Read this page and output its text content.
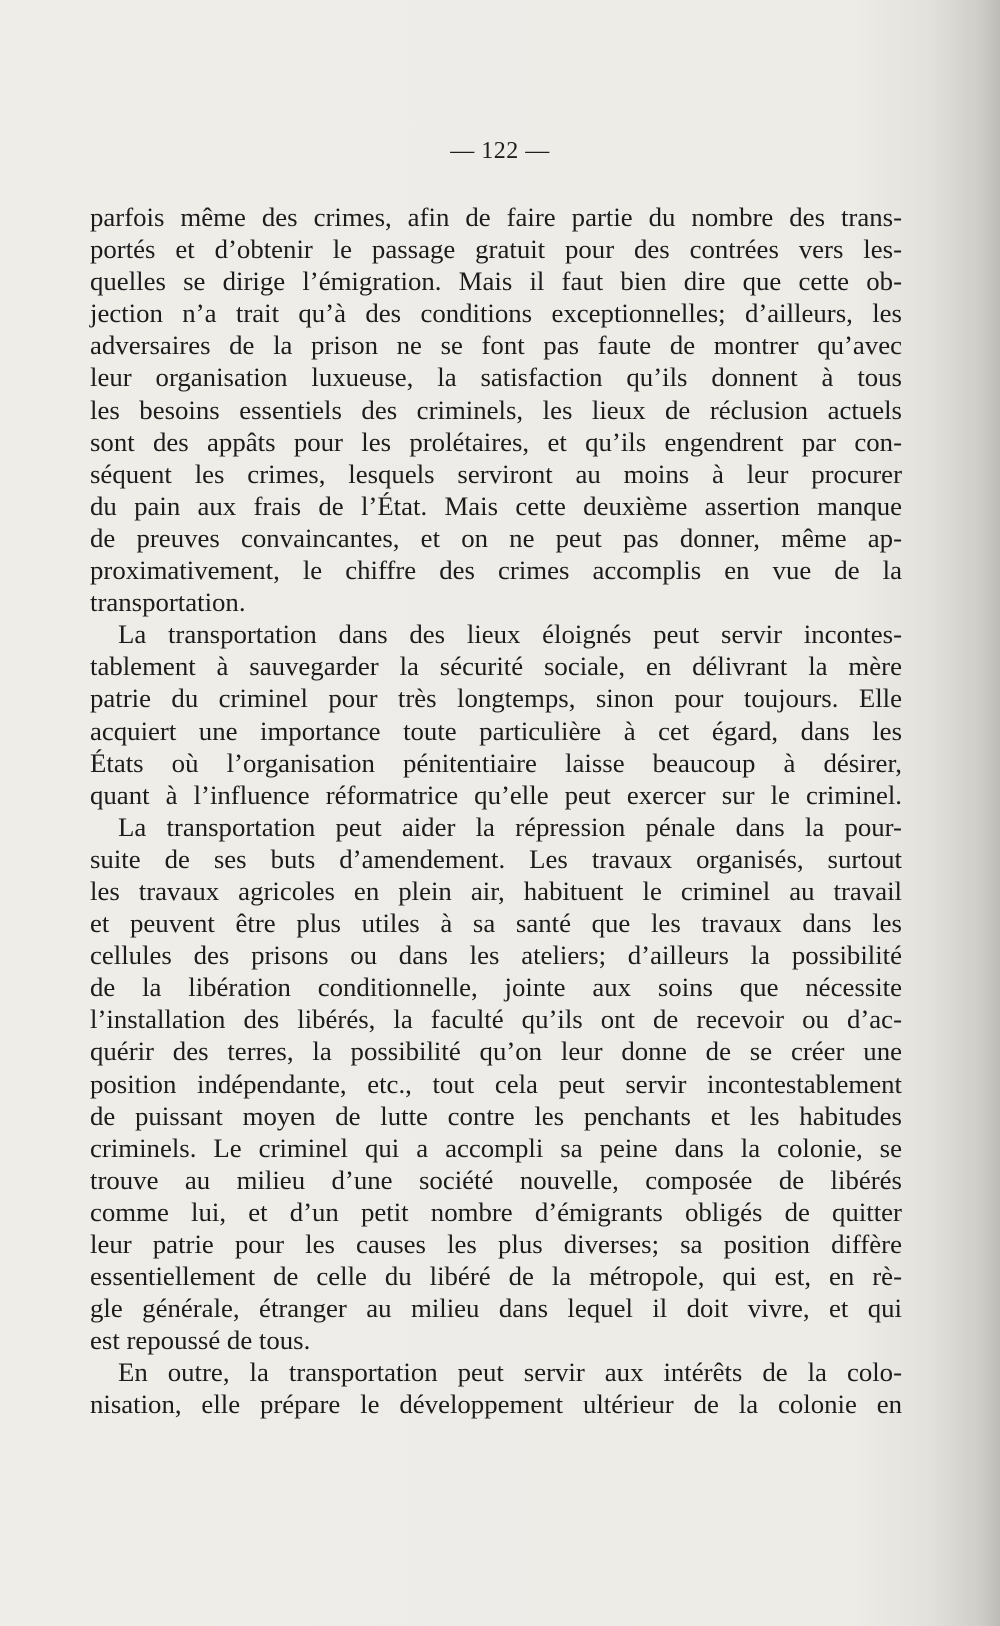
— 122 —
parfois même des crimes, afin de faire partie du nombre des trans-
portés et d’obtenir le passage gratuit pour des contrées vers les-
quelles se dirige l’émigration. Mais il faut bien dire que cette ob-
jection n’a trait qu’à des conditions exceptionnelles; d’ailleurs, les
adversaires de la prison ne se font pas faute de montrer qu’avec
leur organisation luxueuse, la satisfaction qu’ils donnent à tous
les besoins essentiels des criminels, les lieux de réclusion actuels
sont des appâts pour les prolétaires, et qu’ils engendrent par con-
séquent les crimes, lesquels serviront au moins à leur procurer
du pain aux frais de l’État. Mais cette deuxième assertion manque
de preuves convaincantes, et on ne peut pas donner, même ap-
proximativement, le chiffre des crimes accomplis en vue de la
transportation.
La transportation dans des lieux éloignés peut servir incontes-
tablement à sauvegarder la sécurité sociale, en délivrant la mère
patrie du criminel pour très longtemps, sinon pour toujours. Elle
acquiert une importance toute particulière à cet égard, dans les
États où l’organisation pénitentiaire laisse beaucoup à désirer,
quant à l’influence réformatrice qu’elle peut exercer sur le criminel.
La transportation peut aider la répression pénale dans la pour-
suite de ses buts d’amendement. Les travaux organisés, surtout
les travaux agricoles en plein air, habituent le criminel au travail
et peuvent être plus utiles à sa santé que les travaux dans les
cellules des prisons ou dans les ateliers; d’ailleurs la possibilité
de la libération conditionnelle, jointe aux soins que nécessite
l’installation des libérés, la faculté qu’ils ont de recevoir ou d’ac-
quérir des terres, la possibilité qu’on leur donne de se créer une
position indépendante, etc., tout cela peut servir incontestablement
de puissant moyen de lutte contre les penchants et les habitudes
criminels. Le criminel qui a accompli sa peine dans la colonie, se
trouve au milieu d’une société nouvelle, composée de libérés
comme lui, et d’un petit nombre d’émigrants obligés de quitter
leur patrie pour les causes les plus diverses; sa position diffère
essentiellement de celle du libéré de la métropole, qui est, en rè-
gle générale, étranger au milieu dans lequel il doit vivre, et qui
est repoussé de tous.
En outre, la transportation peut servir aux intérêts de la colo-
nisation, elle prépare le développement ultérieur de la colonie en
